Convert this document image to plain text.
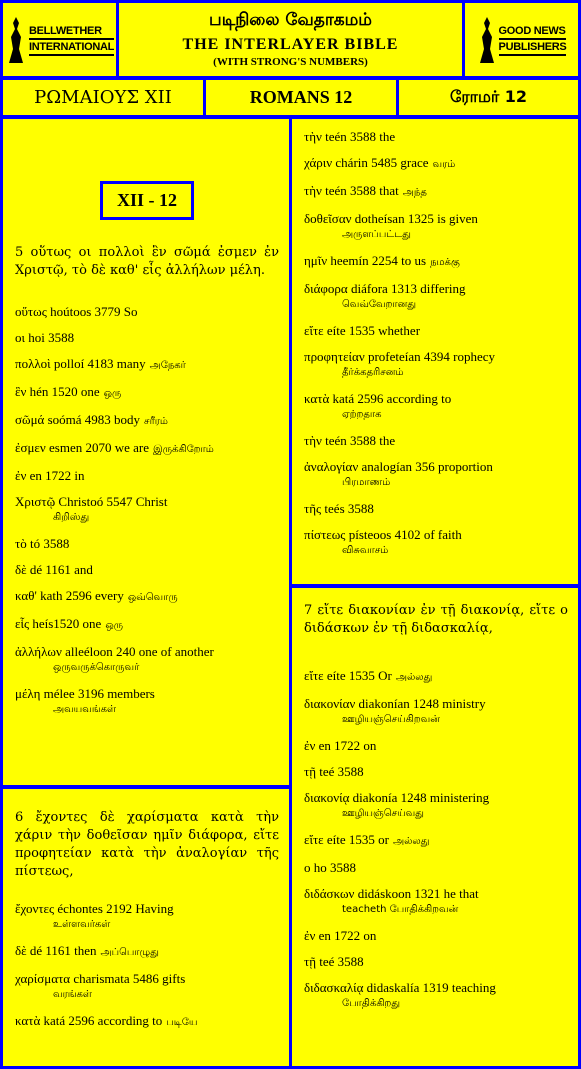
BELLWETHER
INTERNATIONAL
படிநிலை வேதாகமம்
THE INTERLAYER BIBLE
(WITH STRONG'S NUMBERS)
GOOD NEWS
PUBLISHERS
ΡΩΜΑΙΟΥΣ XII	ROMANS 12	ரோமர் 12
XII - 12
5 οὕτως οι πολλοὶ ἓν σῶμά ἐσμεν ἐν Χριστῷ, τὸ δὲ καθ' εἷς ἀλλήλων μέλη.
οὕτως hoútoos 3779 So
οι hoi 3588
πολλοὶ polloí 4183 many அநேகர்
ἓν hén 1520 one ஒரு
σῶμά soómá 4983 body சரீரம்
ἐσμεν esmen 2070 we are இருக்கிறோம்
ἐν en 1722 in
Χριστῷ Christoó 5547 Christ
கிறிஸ்து
τὸ tó 3588
δὲ dé 1161 and
καθ' kath 2596 every ஒவ்வொரு
εἷς heís1520 one ஒரு
ἀλλήλων alleéloon 240 one of another
ஒருவருக்கொருவர்
μέλη mélee 3196 members
அவயவங்கள்
6 ἔχοντες δὲ χαρίσματα κατὰ τὴν χάριν τὴν δοθεῖσαν ημῖν διάφορα, εἴτε προφητείαν κατὰ τὴν ἀναλογίαν τῆς πίστεως,
ἔχοντες échontes 2192 Having
உள்ளவர்கள்
δὲ dé 1161 then அப்பொழுது
χαρίσματα charismata 5486 gifts
வரங்கள்
κατὰ katá 2596 according to படியே
τὴν teén 3588 the
χάριν chárin 5485 grace வரம்
τὴν teén 3588 that அந்த
δοθεῖσαν dotheísan 1325 is given
அருளப்பட்டது
ημῖν heemín 2254 to us நமக்கு
διάφορα diáfora 1313 differing
வெவ்வேறானது
εἴτε eíte 1535 whether
προφητείαν profeteían 4394 rophecy
தீர்க்கதரிசனம்
κατὰ katá 2596 according to
ஏற்றதாக
τὴν teén 3588 the
ἀναλογίαν analogían 356 proportion
பிரமாணம்
τῆς teés 3588
πίστεως písteoos 4102 of faith
விசுவாசம்
7 εἴτε διακονίαν ἐν τῇ διακονίᾳ, εἴτε ο διδάσκων ἐν τῇ διδασκαλίᾳ,
εἴτε eíte 1535 Or அல்லது
διακονίαν diakonían 1248 ministry
ஊழியஞ்செய்கிறவன்
ἐν en 1722 on
τῇ teé 3588
διακονίᾳ diakonía 1248 ministering
ஊழியஞ்செய்வது
εἴτε eíte 1535 or அல்லது
ο ho 3588
διδάσκων didáskoon 1321 he that
teacheth போதிக்கிறவன்
ἐν en 1722 on
τῇ teé 3588
διδασκαλίᾳ didaskalía 1319 teaching
போதிக்கிறது
